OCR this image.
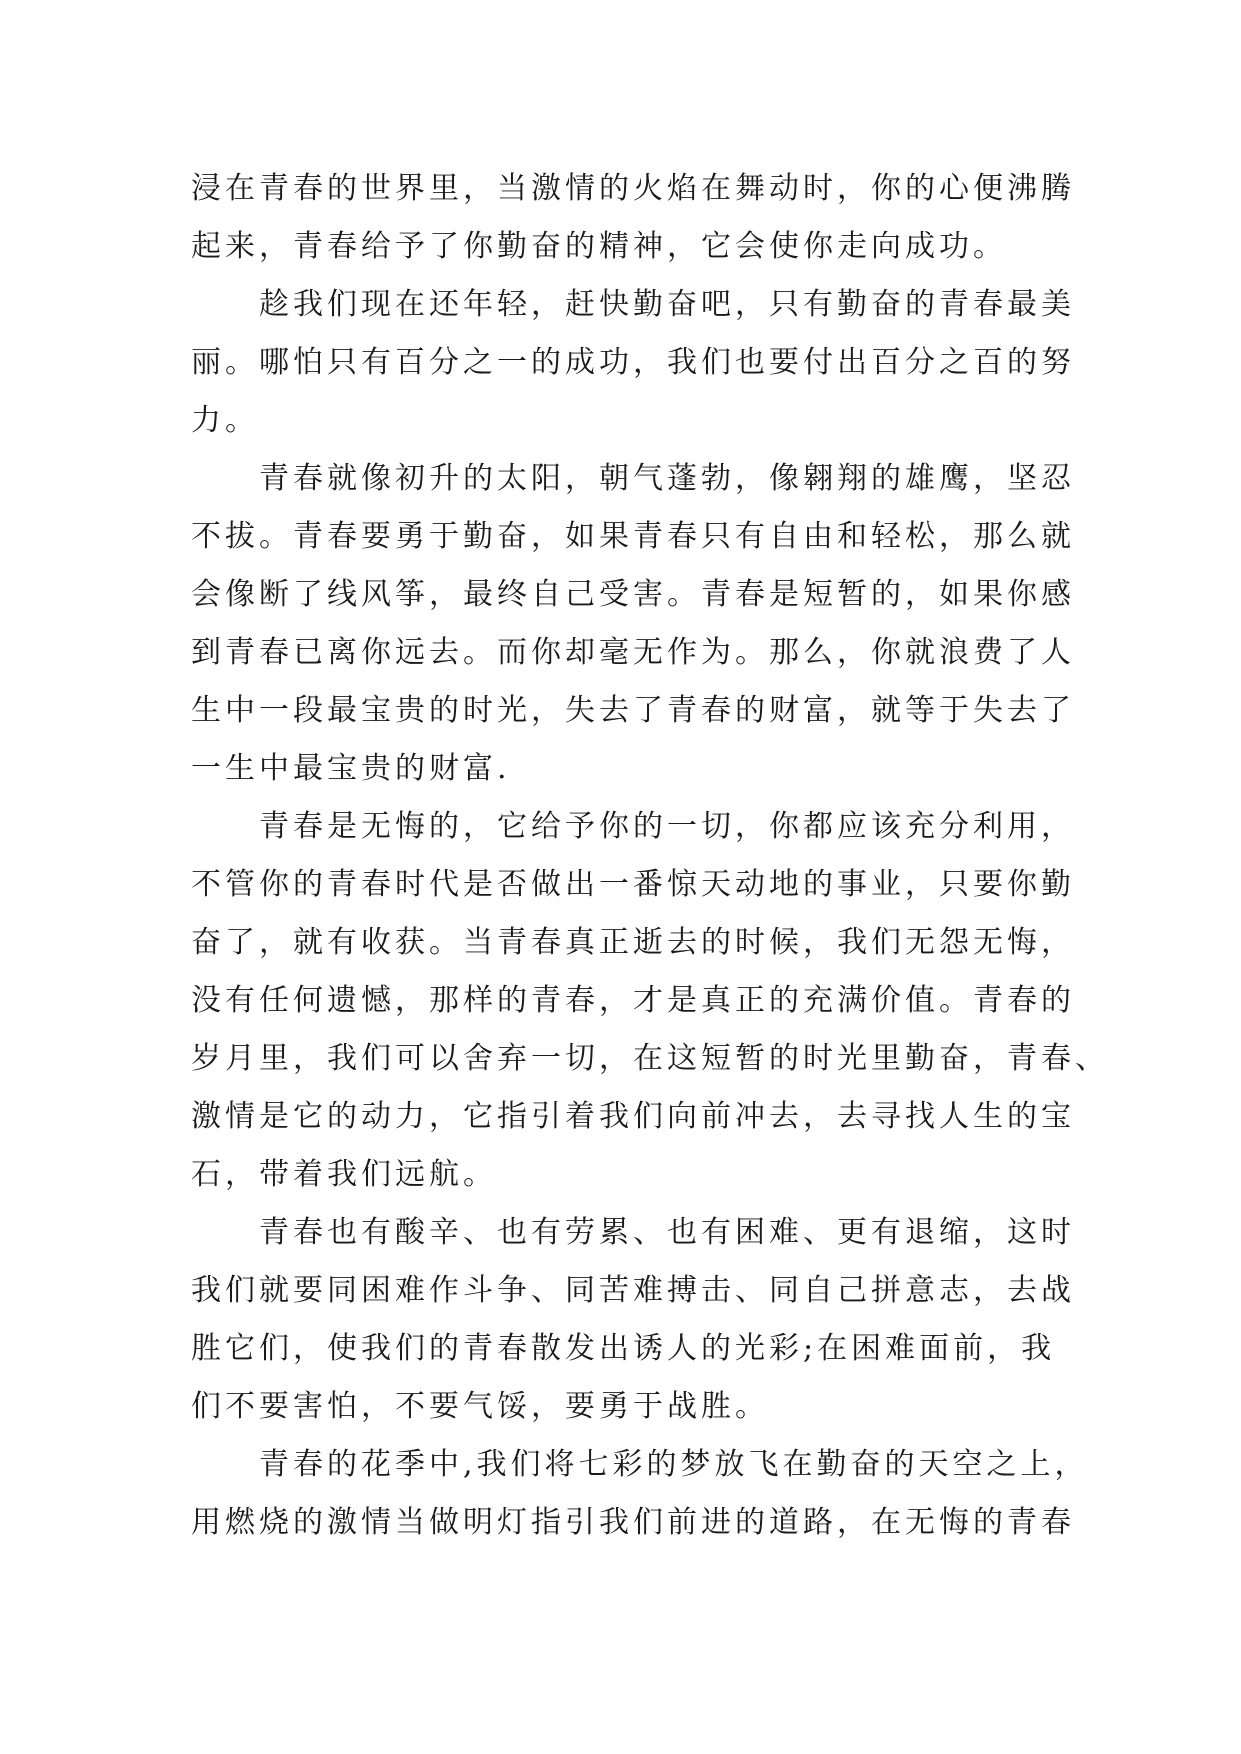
浸在青春的世界里，当激情的火焰在舞动时，你的心便沸腾
起来，青春给予了你勤奋的精神，它会使你走向成功。
趁我们现在还年轻，赶快勤奋吧，只有勤奋的青春最美
丽。哪怕只有百分之一的成功，我们也要付出百分之百的努
力。
青春就像初升的太阳，朝气蓬勃，像翱翔的雄鹰，坚忍
不拔。青春要勇于勤奋，如果青春只有自由和轻松，那么就
会像断了线风筝，最终自己受害。青春是短暂的，如果你感
到青春已离你远去。而你却毫无作为。那么，你就浪费了人
生中一段最宝贵的时光，失去了青春的财富，就等于失去了
一生中最宝贵的财富.
青春是无悔的，它给予你的一切，你都应该充分利用，
不管你的青春时代是否做出一番惊天动地的事业，只要你勤
奋了，就有收获。当青春真正逝去的时候，我们无怨无悔，
没有任何遗憾，那样的青春，才是真正的充满价值。青春的
岁月里，我们可以舍弃一切，在这短暂的时光里勤奋，青春、
激情是它的动力，它指引着我们向前冲去，去寻找人生的宝
石，带着我们远航。
青春也有酸辛、也有劳累、也有困难、更有退缩，这时
我们就要同困难作斗争、同苦难搏击、同自己拼意志，去战
胜它们，使我们的青春散发出诱人的光彩;在困难面前，我
们不要害怕，不要气馁，要勇于战胜。
青春的花季中,我们将七彩的梦放飞在勤奋的天空之上，
用燃烧的激情当做明灯指引我们前进的道路，在无悔的青春
